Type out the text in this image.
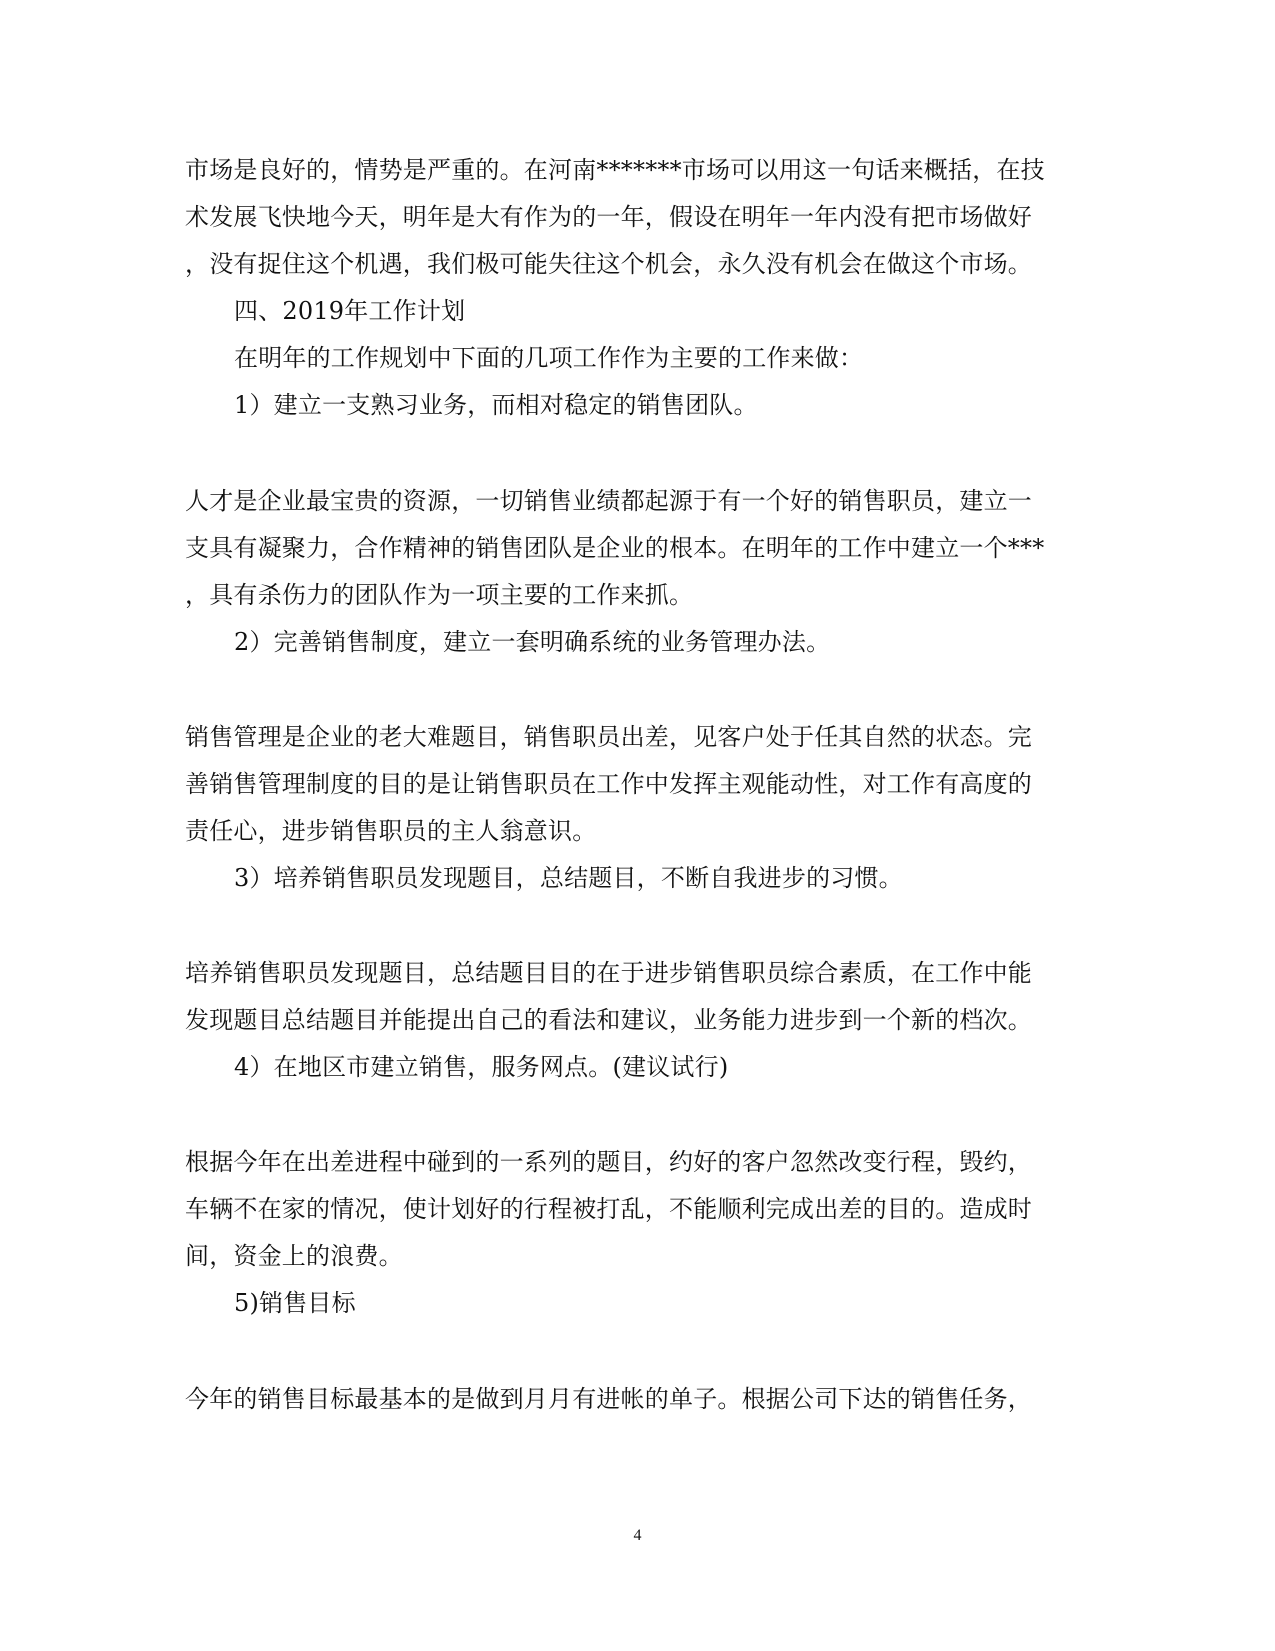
市场是良好的，情势是严重的。在河南*******市场可以用这一句话来概括，在技
术发展飞快地今天，明年是大有作为的一年，假设在明年一年内没有把市场做好
，没有捉住这个机遇，我们极可能失往这个机会，永久没有机会在做这个市场。
四、2019年工作计划
在明年的工作规划中下面的几项工作作为主要的工作来做：
1）建立一支熟习业务，而相对稳定的销售团队。
人才是企业最宝贵的资源，一切销售业绩都起源于有一个好的销售职员，建立一
支具有凝聚力，合作精神的销售团队是企业的根本。在明年的工作中建立一个***
，具有杀伤力的团队作为一项主要的工作来抓。
2）完善销售制度，建立一套明确系统的业务管理办法。
销售管理是企业的老大难题目，销售职员出差，见客户处于任其自然的状态。完
善销售管理制度的目的是让销售职员在工作中发挥主观能动性，对工作有高度的
责任心，进步销售职员的主人翁意识。
3）培养销售职员发现题目，总结题目，不断自我进步的习惯。
培养销售职员发现题目，总结题目目的在于进步销售职员综合素质，在工作中能
发现题目总结题目并能提出自己的看法和建议，业务能力进步到一个新的档次。
4）在地区市建立销售，服务网点。(建议试行)
根据今年在出差进程中碰到的一系列的题目，约好的客户忽然改变行程，毁约，
车辆不在家的情况，使计划好的行程被打乱，不能顺利完成出差的目的。造成时
间，资金上的浪费。
5)销售目标
今年的销售目标最基本的是做到月月有进帐的单子。根据公司下达的销售任务，
4
